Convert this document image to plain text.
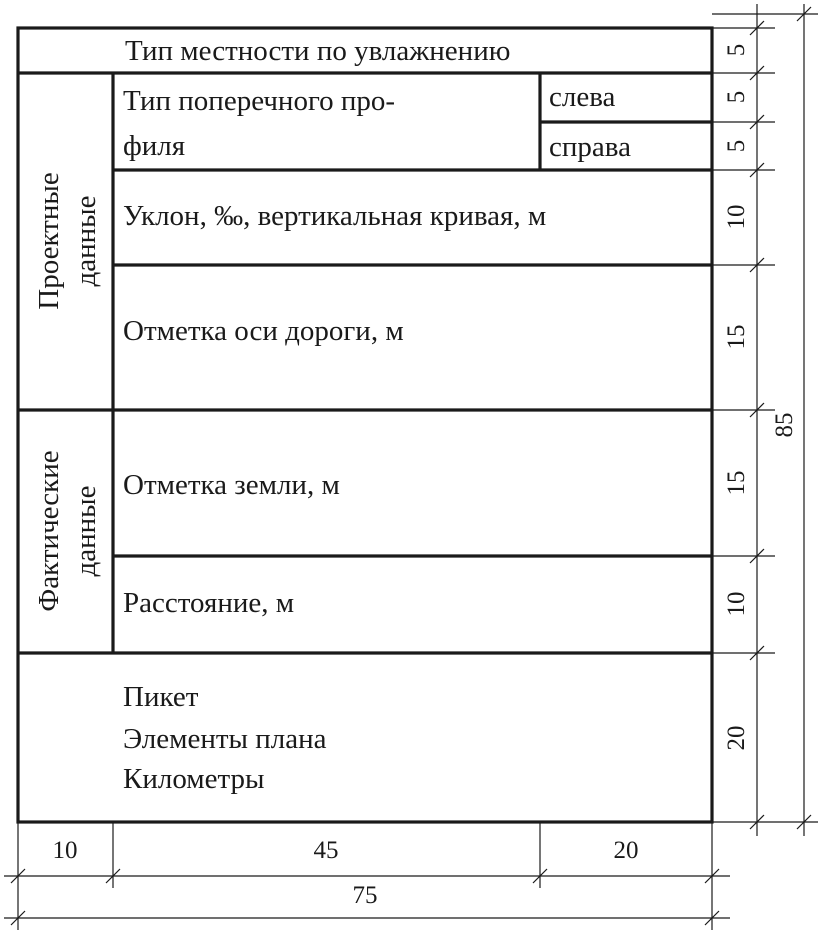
Тип местности по увлажнению
Тип поперечного про-
филя
слева
справа
Уклон, ‰, вертикальная кривая, м
Отметка оси дороги, м
Отметка земли, м
Расстояние, м
Пикет
Элементы плана
Километры
Проектные данные
Фактические данные
5
5
5
10
15
15
10
20
85
10	45	20
75
